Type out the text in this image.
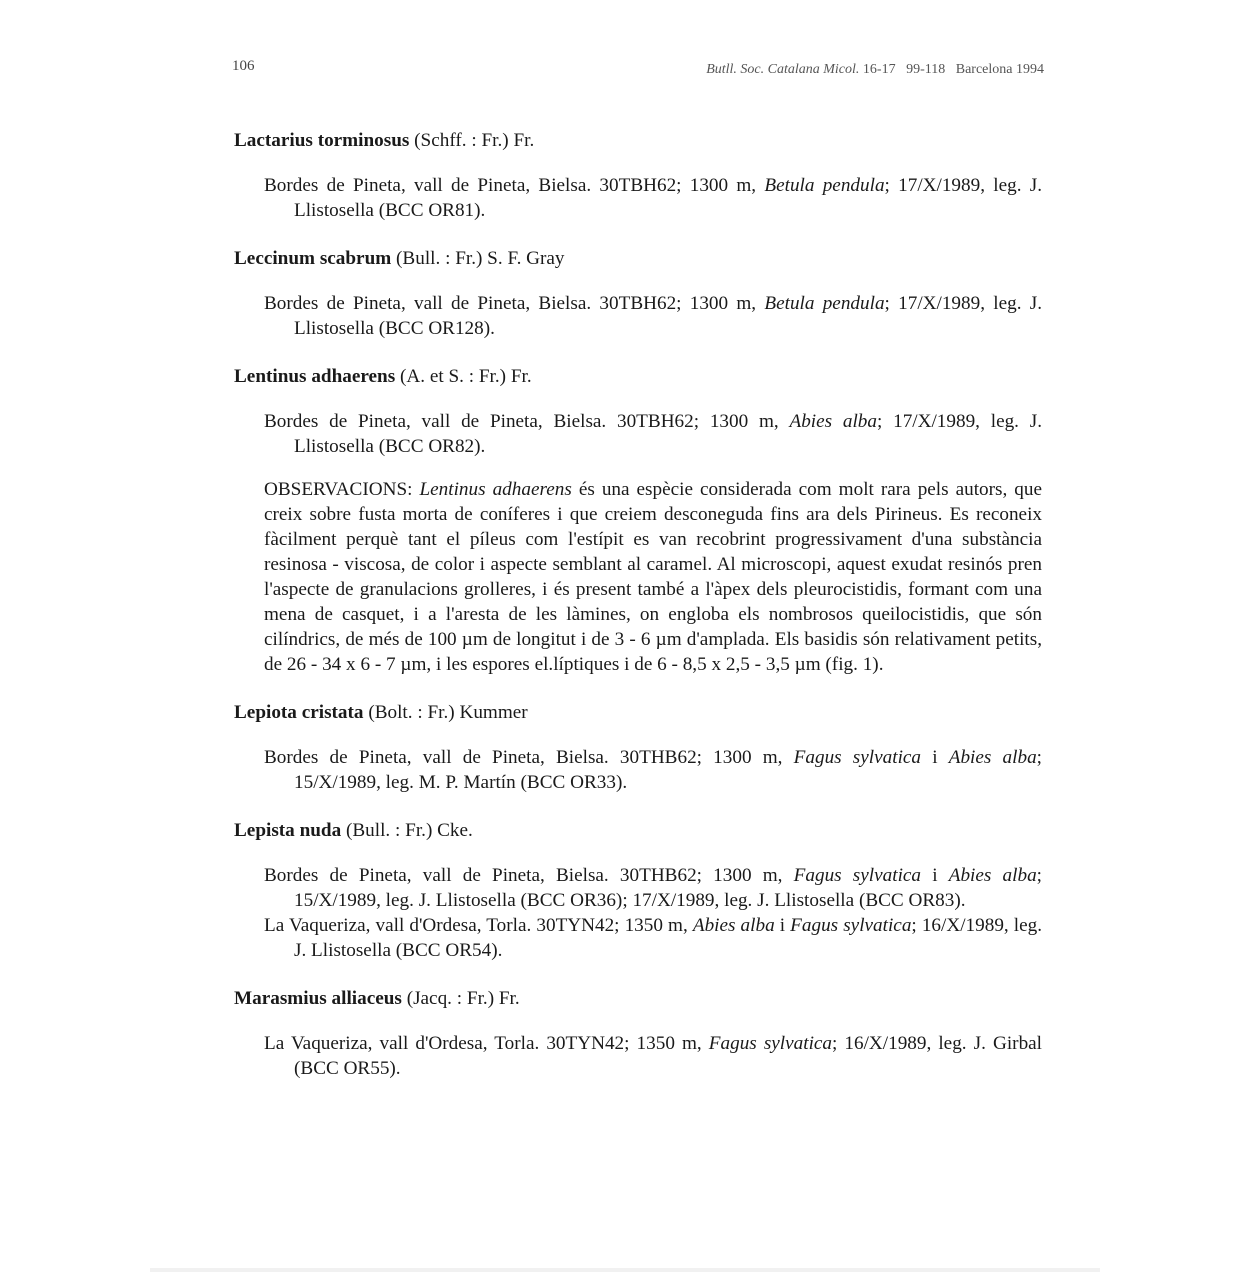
106	Butll. Soc. Catalana Micol. 16-17 99-118 Barcelona 1994

Lactarius torminosus (Schff. : Fr.) Fr.

Bordes de Pineta, vall de Pineta, Bielsa. 30TBH62; 1300 m, Betula pendula; 17/X/1989, leg. J. Llistosella (BCC OR81).

Leccinum scabrum (Bull. : Fr.) S. F. Gray

Bordes de Pineta, vall de Pineta, Bielsa. 30TBH62; 1300 m, Betula pendula; 17/X/1989, leg. J. Llistosella (BCC OR128).

Lentinus adhaerens (A. et S. : Fr.) Fr.

Bordes de Pineta, vall de Pineta, Bielsa. 30TBH62; 1300 m, Abies alba; 17/X/1989, leg. J. Llistosella (BCC OR82).

OBSERVACIONS: Lentinus adhaerens és una espècie considerada com molt rara pels autors, que creix sobre fusta morta de coníferes i que creiem desconeguda fins ara dels Pirineus. Es reconeix fàcilment perquè tant el píleus com l'estípit es van recobrint progressivament d'una substància resinosa - viscosa, de color i aspecte semblant al caramel. Al microscopi, aquest exudat resinós pren l'aspecte de granulacions grolleres, i és present també a l'àpex dels pleurocistidis, formant com una mena de casquet, i a l'aresta de les làmines, on engloba els nombrosos queilocistidis, que són cilíndrics, de més de 100 µm de longitut i de 3 - 6 µm d'amplada. Els basidis són relativament petits, de 26 - 34 x 6 - 7 µm, i les espores el.líptiques i de 6 - 8,5 x 2,5 - 3,5 µm (fig. 1).

Lepiota cristata (Bolt. : Fr.) Kummer

Bordes de Pineta, vall de Pineta, Bielsa. 30THB62; 1300 m, Fagus sylvatica i Abies alba; 15/X/1989, leg. M. P. Martín (BCC OR33).

Lepista nuda (Bull. : Fr.) Cke.

Bordes de Pineta, vall de Pineta, Bielsa. 30THB62; 1300 m, Fagus sylvatica i Abies alba; 15/X/1989, leg. J. Llistosella (BCC OR36); 17/X/1989, leg. J. Llistosella (BCC OR83).

La Vaqueriza, vall d'Ordesa, Torla. 30TYN42; 1350 m, Abies alba i Fagus sylvatica; 16/X/1989, leg. J. Llistosella (BCC OR54).

Marasmius alliaceus (Jacq. : Fr.) Fr.

La Vaqueriza, vall d'Ordesa, Torla. 30TYN42; 1350 m, Fagus sylvatica; 16/X/1989, leg. J. Girbal (BCC OR55).
